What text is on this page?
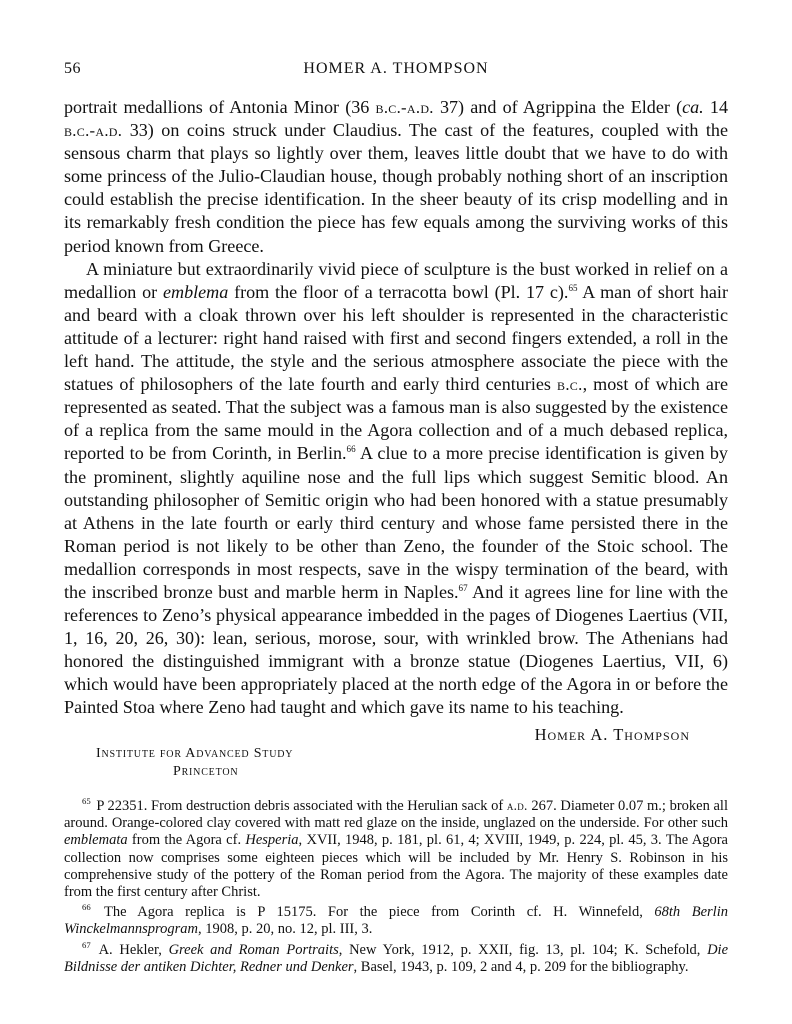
56	HOMER A. THOMPSON

portrait medallions of Antonia Minor (36 b.c.-a.d. 37) and of Agrippina the Elder (ca. 14 b.c.-a.d. 33) on coins struck under Claudius. The cast of the features, coupled with the sensous charm that plays so lightly over them, leaves little doubt that we have to do with some princess of the Julio-Claudian house, though probably nothing short of an inscription could establish the precise identification. In the sheer beauty of its crisp modelling and in its remarkably fresh condition the piece has few equals among the surviving works of this period known from Greece.

A miniature but extraordinarily vivid piece of sculpture is the bust worked in relief on a medallion or emblema from the floor of a terracotta bowl (Pl. 17 c).$^{65}$ A man of short hair and beard with a cloak thrown over his left shoulder is represented in the characteristic attitude of a lecturer: right hand raised with first and second fingers extended, a roll in the left hand. The attitude, the style and the serious atmosphere associate the piece with the statues of philosophers of the late fourth and early third centuries b.c., most of which are represented as seated. That the subject was a famous man is also suggested by the existence of a replica from the same mould in the Agora collection and of a much debased replica, reported to be from Corinth, in Berlin.$^{66}$ A clue to a more precise identification is given by the prominent, slightly aquiline nose and the full lips which suggest Semitic blood. An outstanding philosopher of Semitic origin who had been honored with a statue presumably at Athens in the late fourth or early third century and whose fame persisted there in the Roman period is not likely to be other than Zeno, the founder of the Stoic school. The medallion corresponds in most respects, save in the wispy termination of the beard, with the inscribed bronze bust and marble herm in Naples.$^{67}$ And it agrees line for line with the references to Zeno’s physical appearance imbedded in the pages of Diogenes Laertius (VII, 1, 16, 20, 26, 30): lean, serious, morose, sour, with wrinkled brow. The Athenians had honored the distinguished immigrant with a bronze statue (Diogenes Laertius, VII, 6) which would have been appropriately placed at the north edge of the Agora in or before the Painted Stoa where Zeno had taught and which gave its name to his teaching.

Homer A. Thompson
Institute for Advanced Study
Princeton

$^{65}$ P 22351. From destruction debris associated with the Herulian sack of a.d. 267. Diameter 0.07 m.; broken all around. Orange-colored clay covered with matt red glaze on the inside, unglazed on the underside. For other such emblemata from the Agora cf. Hesperia, XVII, 1948, p. 181, pl. 61, 4; XVIII, 1949, p. 224, pl. 45, 3. The Agora collection now comprises some eighteen pieces which will be included by Mr. Henry S. Robinson in his comprehensive study of the pottery of the Roman period from the Agora. The majority of these examples date from the first century after Christ.

$^{66}$ The Agora replica is P 15175. For the piece from Corinth cf. H. Winnefeld, 68th Berlin Winckelmannsprogram, 1908, p. 20, no. 12, pl. III, 3.

$^{67}$ A. Hekler, Greek and Roman Portraits, New York, 1912, p. XXII, fig. 13, pl. 104; K. Schefold, Die Bildnisse der antiken Dichter, Redner und Denker, Basel, 1943, p. 109, 2 and 4, p. 209 for the bibliography.
